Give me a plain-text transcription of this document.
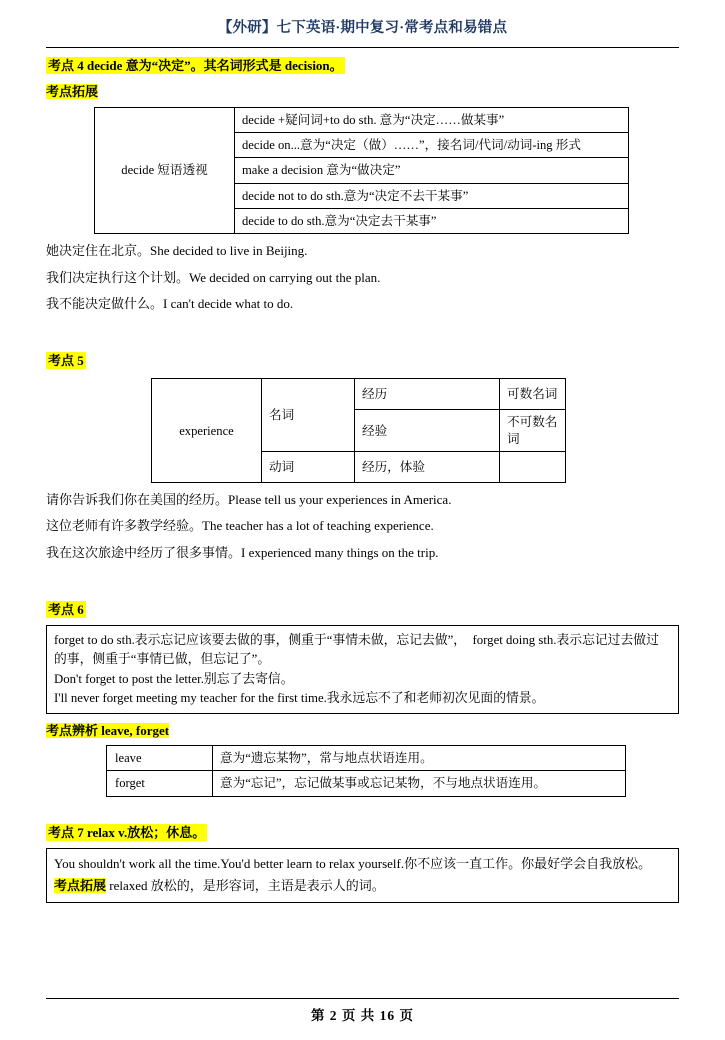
【外研】七下英语·期中复习·常考点和易错点
考点 4 decide 意为“决定”。其名词形式是 decision。
考点拓展
decide 短语透视	decide +疑问词+to do sth. 意为“决定……做某事”
decide on...意为“决定（做）……”，接名词/代词/动词-ing 形式
make a decision 意为“做决定”
decide not to do sth.意为“决定不去干某事”
decide to do sth.意为“决定去干某事”
她决定住在北京。She decided to live in Beijing.
我们决定执行这个计划。We decided on carrying out the plan.
我不能决定做什么。I can't decide what to do.
考点 5
experience	名词	经历	可数名词
		经验	不可数名词
	动词	经历，体验	
请你告诉我们你在美国的经历。Please tell us your experiences in America.
这位老师有许多教学经验。The teacher has a lot of teaching experience.
我在这次旅途中经历了很多事情。I experienced many things on the trip.
考点 6
forget to do sth.表示忘记应该要去做的事，侧重于“事情未做，忘记去做”，　forget doing sth.表示忘记过去做过的事，侧重于“事情已做，但忘记了”。
Don't forget to post the letter.别忘了去寄信。
I'll never forget meeting my teacher for the first time.我永远忘不了和老师初次见面的情景。
考点辨析 leave, forget
leave	意为“遗忘某物”，常与地点状语连用。
forget	意为“忘记”，忘记做某事或忘记某物，不与地点状语连用。
考点 7 relax v.放松；休息。
You shouldn't work all the time.You'd better learn to relax yourself.你不应该一直工作。你最好学会自我放松。
考点拓展 relaxed 放松的，是形容词，主语是表示人的词。
第 2 页 共 16 页
